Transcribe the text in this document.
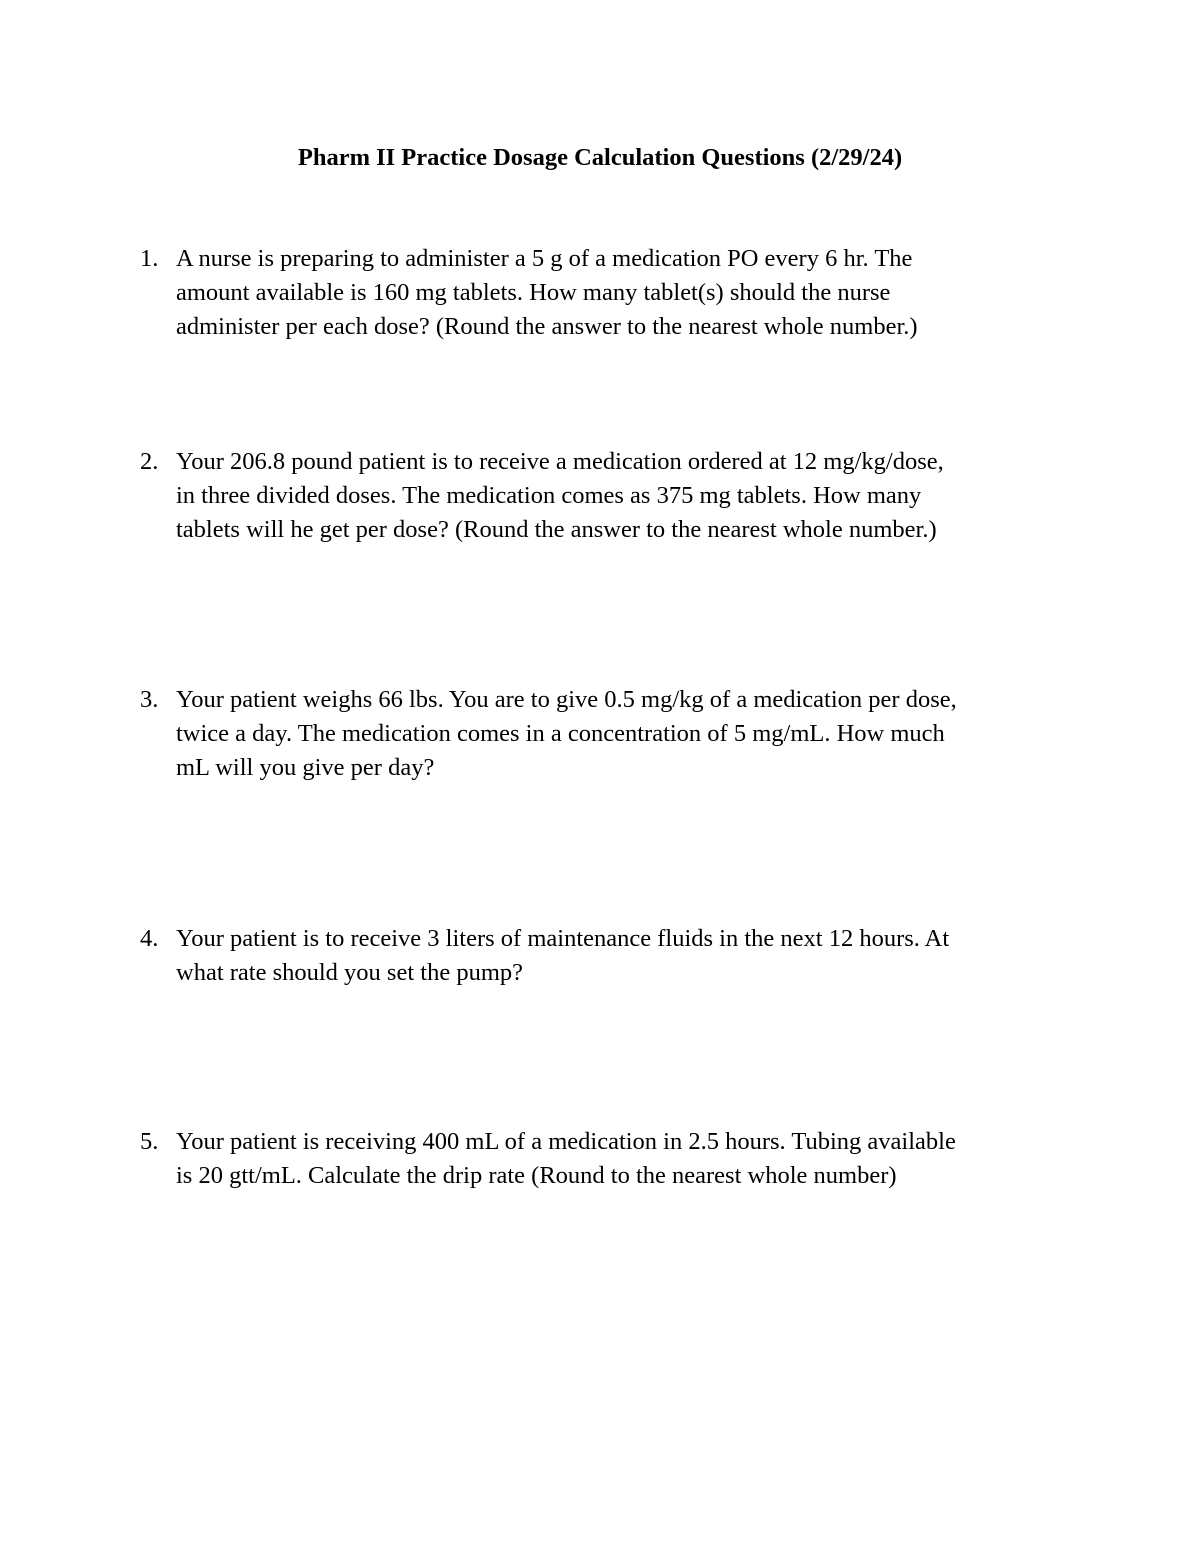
Pharm II Practice Dosage Calculation Questions (2/29/24)
1. A nurse is preparing to administer a 5 g of a medication PO every 6 hr. The
amount available is 160 mg tablets. How many tablet(s) should the nurse
administer per each dose? (Round the answer to the nearest whole number.)
2. Your 206.8 pound patient is to receive a medication ordered at 12 mg/kg/dose,
in three divided doses. The medication comes as 375 mg tablets. How many
tablets will he get per dose? (Round the answer to the nearest whole number.)
3. Your patient weighs 66 lbs. You are to give 0.5 mg/kg of a medication per dose,
twice a day. The medication comes in a concentration of 5 mg/mL. How much
mL will you give per day?
4. Your patient is to receive 3 liters of maintenance fluids in the next 12 hours. At
what rate should you set the pump?
5. Your patient is receiving 400 mL of a medication in 2.5 hours. Tubing available
is 20 gtt/mL. Calculate the drip rate (Round to the nearest whole number)
